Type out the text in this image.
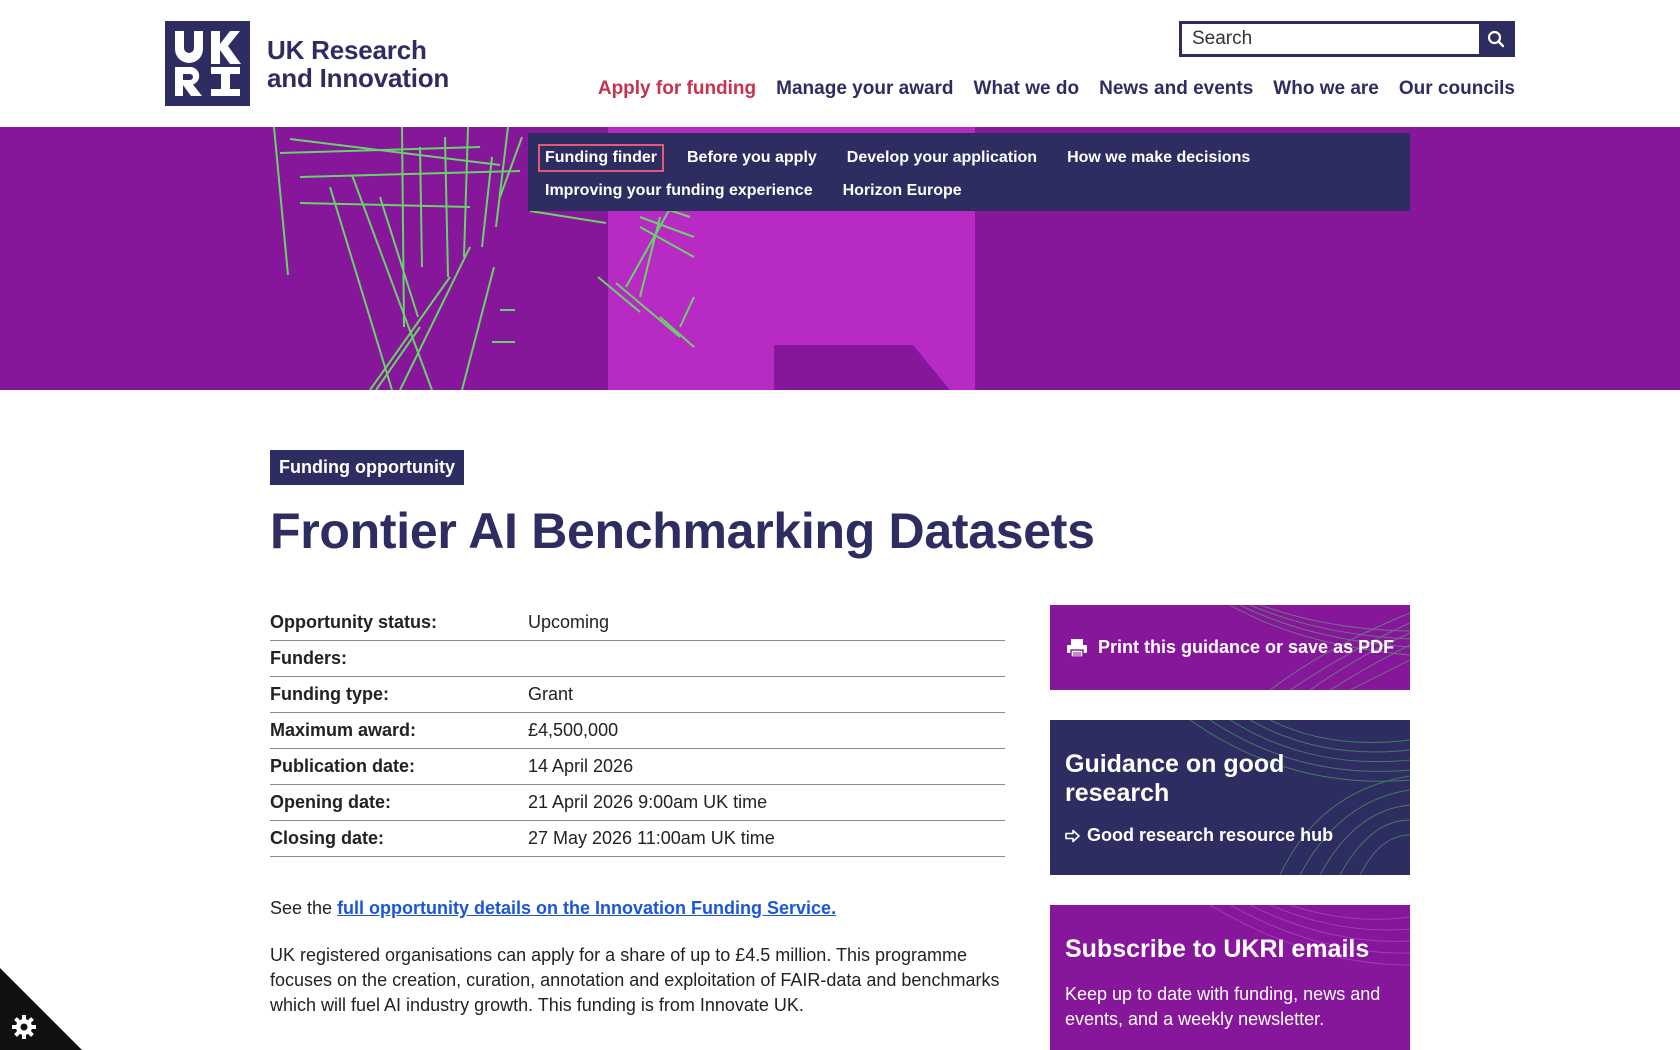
UK Research
and Innovation
Search	Apply for funding Manage your award What we do News and events Who we are Our councils
Funding finder	Before you apply	Develop your application	How we make decisions
Improving your funding experience	Horizon Europe
Funding opportunity
Frontier AI Benchmarking Datasets
Opportunity status:	Upcoming
Funders:
Funding type:	Grant
Maximum award:	£4,500,000
Publication date:	14 April 2026
Opening date:	21 April 2026 9:00am UK time
Closing date:	27 May 2026 11:00am UK time

See the full opportunity details on the Innovation Funding Service.

UK registered organisations can apply for a share of up to £4.5 million. This programme focuses on the creation, curation, annotation and exploitation of FAIR-data and benchmarks which will fuel AI industry growth. This funding is from Innovate UK.

Print this guidance or save as PDF
Guidance on good research
Good research resource hub
Subscribe to UKRI emails

Keep up to date with funding, news and events, and a weekly newsletter.
